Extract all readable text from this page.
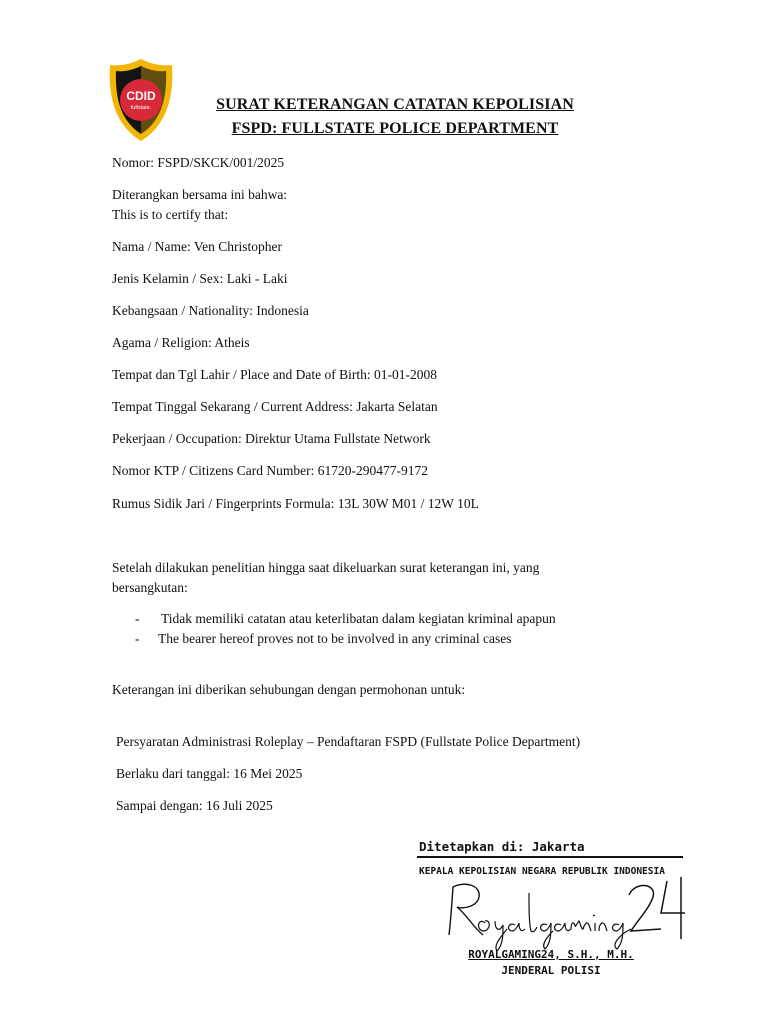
CDID
fullstate.	SURAT KETERANGAN CATATAN KEPOLISIAN
FSPD: FULLSTATE POLICE DEPARTMENT
Nomor: FSPD/SKCK/001/2025
Diterangkan bersama ini bahwa:
This is to certify that:
Nama / Name: Ven Christopher
Jenis Kelamin / Sex: Laki - Laki
Kebangsaan / Nationality: Indonesia
Agama / Religion: Atheis
Tempat dan Tgl Lahir / Place and Date of Birth: 01-01-2008
Tempat Tinggal Sekarang / Current Address: Jakarta Selatan
Pekerjaan / Occupation: Direktur Utama Fullstate Network
Nomor KTP / Citizens Card Number: 61720-290477-9172
Rumus Sidik Jari / Fingerprints Formula: 13L 30W M01 / 12W 10L
Setelah dilakukan penelitian hingga saat dikeluarkan surat keterangan ini, yang
bersangkutan:
- Tidak memiliki catatan atau keterlibatan dalam kegiatan kriminal apapun
- The bearer hereof proves not to be involved in any criminal cases
Keterangan ini diberikan sehubungan dengan permohonan untuk:
Persyaratan Administrasi Roleplay – Pendaftaran FSPD (Fullstate Police Department)
Berlaku dari tanggal: 16 Mei 2025
Sampai dengan: 16 Juli 2025
Ditetapkan di: Jakarta
KEPALA KEPOLISIAN NEGARA REPUBLIK INDONESIA
ROYALGAMING24, S.H., M.H.
JENDERAL POLISI
